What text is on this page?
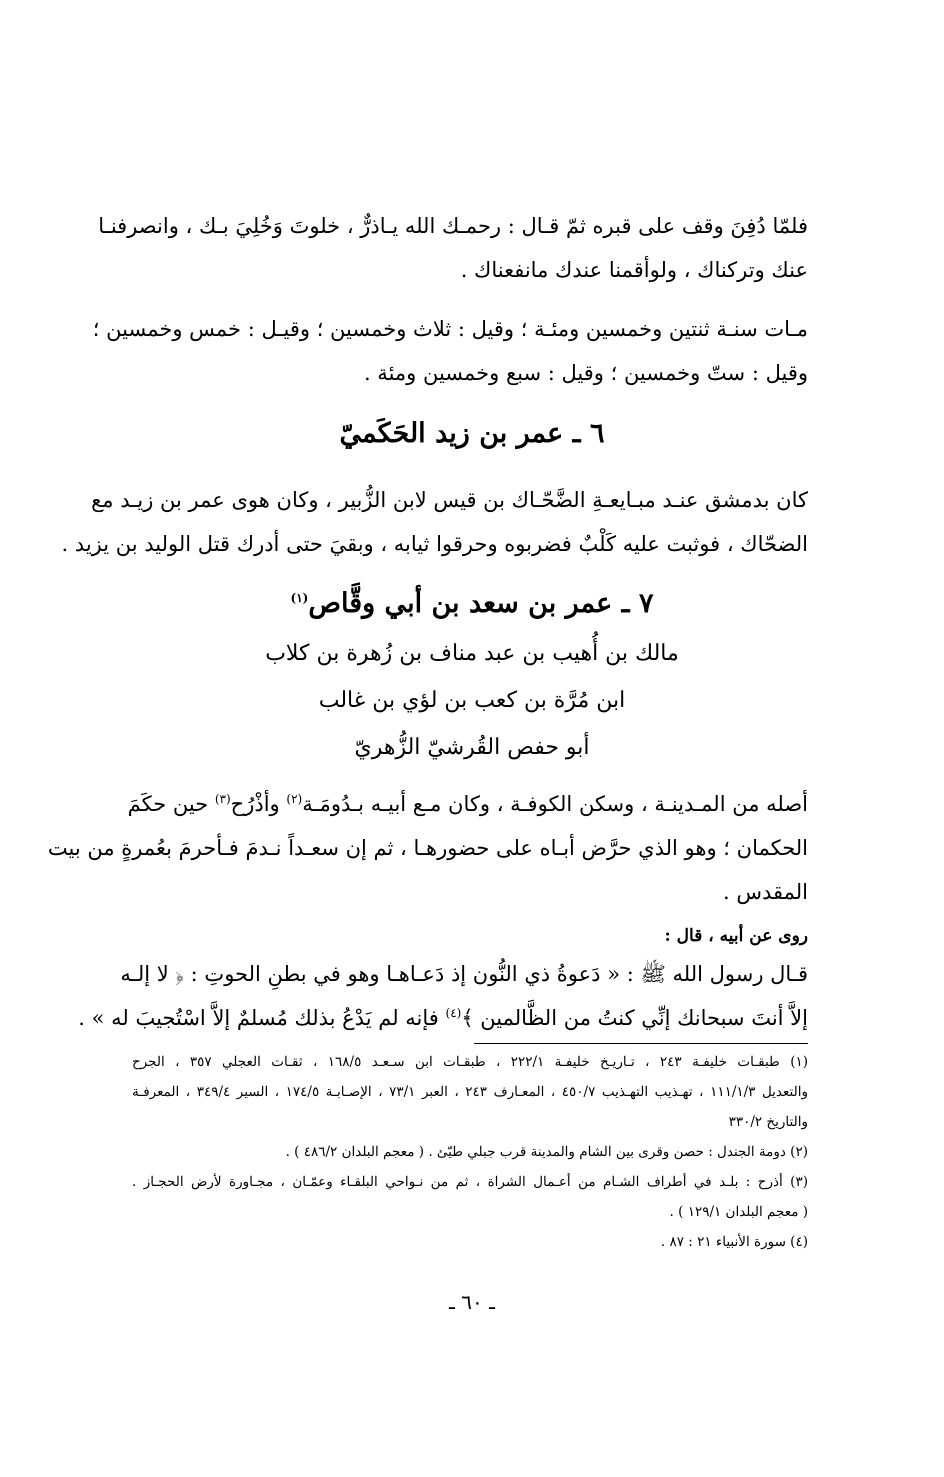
فلمّا دُفِنَ وقف على قبره ثمّ قـال : رحمـك الله يـاذرٌّ ، خلوتَ وَخُلِيَ بـك ، وانصرفنـا
عنك وتركناك ، ولوأقمنا عندك مانفعناك .
مـات سنـة ثنتين وخمسين ومئـة ؛ وقيل : ثلاث وخمسين ؛ وقيـل : خمس وخمسين ؛
وقيل : ستّ وخمسين ؛ وقيل : سبع وخمسين ومئة .
٦ ـ عمر بن زيد الحَكَميّ
كان بدمشق عنـد مبـايعـةِ الضَّحّـاك بن قيس لابن الزُّبير ، وكان هوى عمر بن زيـد مع
الضحّاك ، فوثبت عليه كَلْبٌ فضربوه وحرقوا ثيابه ، وبقيَ حتى أدرك قتل الوليد بن يزيد .
٧ ـ عمر بن سعد بن أبي وقَّاص$^{(١)}$
مالك بن أُهيب بن عبد مناف بن زُهرة بن كلاب
ابن مُرَّة بن كعب بن لؤي بن غالب
أبو حفص القُرشيّ الزُّهريّ
أصله من المـدينـة ، وسكن الكوفـة ، وكان مـع أبيـه بـدُومَـة$^{(٢)}$ وأذْرُح$^{(٣)}$ حين حكَمَ
الحكمان ؛ وهو الذي حرَّض أبـاه على حضورهـا ، ثم إن سعـداً نـدمَ فـأحرمَ بعُمرةٍ من بيت
المقدس .
روى عن أبيه ، قال :
قـال رسول الله ﷺ : « دَعوةُ ذي النُّون إذ دَعـاهـا وهو في بطنِ الحوتِ : ﴿ لا إلـه
إلاَّ أنتَ سبحانك إنِّي كنتُ من الظَّالمين ﴾$^{(٤)}$ فإنه لم يَدْعُ بذلك مُسلمٌ إلاَّ اسْتُجيبَ له » .
(١) طبقـات خليفـة ٢٤٣ ، تـاريـخ خليفـة ٢٢٢/١ ، طبقـات ابن سـعـد ١٦٨/٥ ، ثقـات العجلي ٣٥٧ ، الجرح
والتعديل ١١١/١/٣ ، تهـذيب التهـذيب ٤٥٠/٧ ، المعـارف ٢٤٣ ، العبر ٧٣/١ ، الإصـابـة ١٧٤/٥ ، السير ٣٤٩/٤ ، المعرفـة
والتاريخ ٣٣٠/٢
(٢) دومة الجندل : حصن وقرى بين الشام والمدينة قرب جبلي طيّئ . ( معجم البلدان ٤٨٦/٢ ) .
(٣) أذرح : بلـد في أطراف الشـام من أعـمال الشراة ، ثم من نـواحي البلقـاء وعمّـان ، مجـاورة لأرض الحجـاز .
( معجم البلدان ١٢٩/١ ) .
(٤) سورة الأنبياء ٢١ : ٨٧ .
ـ ٦٠ ـ
